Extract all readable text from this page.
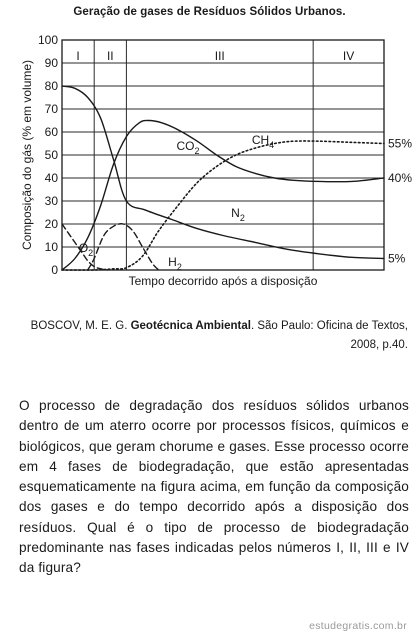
Geração de gases de Resíduos Sólidos Urbanos.
0
10
20
30
40
50
60
70
80
90
100
Composição do gás (% em volume)
Tempo decorrido após a disposição
I II	III	IV
$CO_2$
$CH_4$
$N_2$
$O_2$
$H_2$
55%
40%
5%
BOSCOV, M. E. G. Geotécnica Ambiental. São Paulo: Oficina de Textos, 2008, p.40.
O processo de degradação dos resíduos sólidos urbanos dentro de um aterro ocorre por processos físicos, químicos e biológicos, que geram chorume e gases. Esse processo ocorre em 4 fases de biodegradação, que estão apresentadas esquematicamente na figura acima, em função da composição dos gases e do tempo decorrido após a disposição dos resíduos. Qual é o tipo de processo de biodegradação predominante nas fases indicadas pelos números I, II, III e IV da figura?
estudegratis.com.br
